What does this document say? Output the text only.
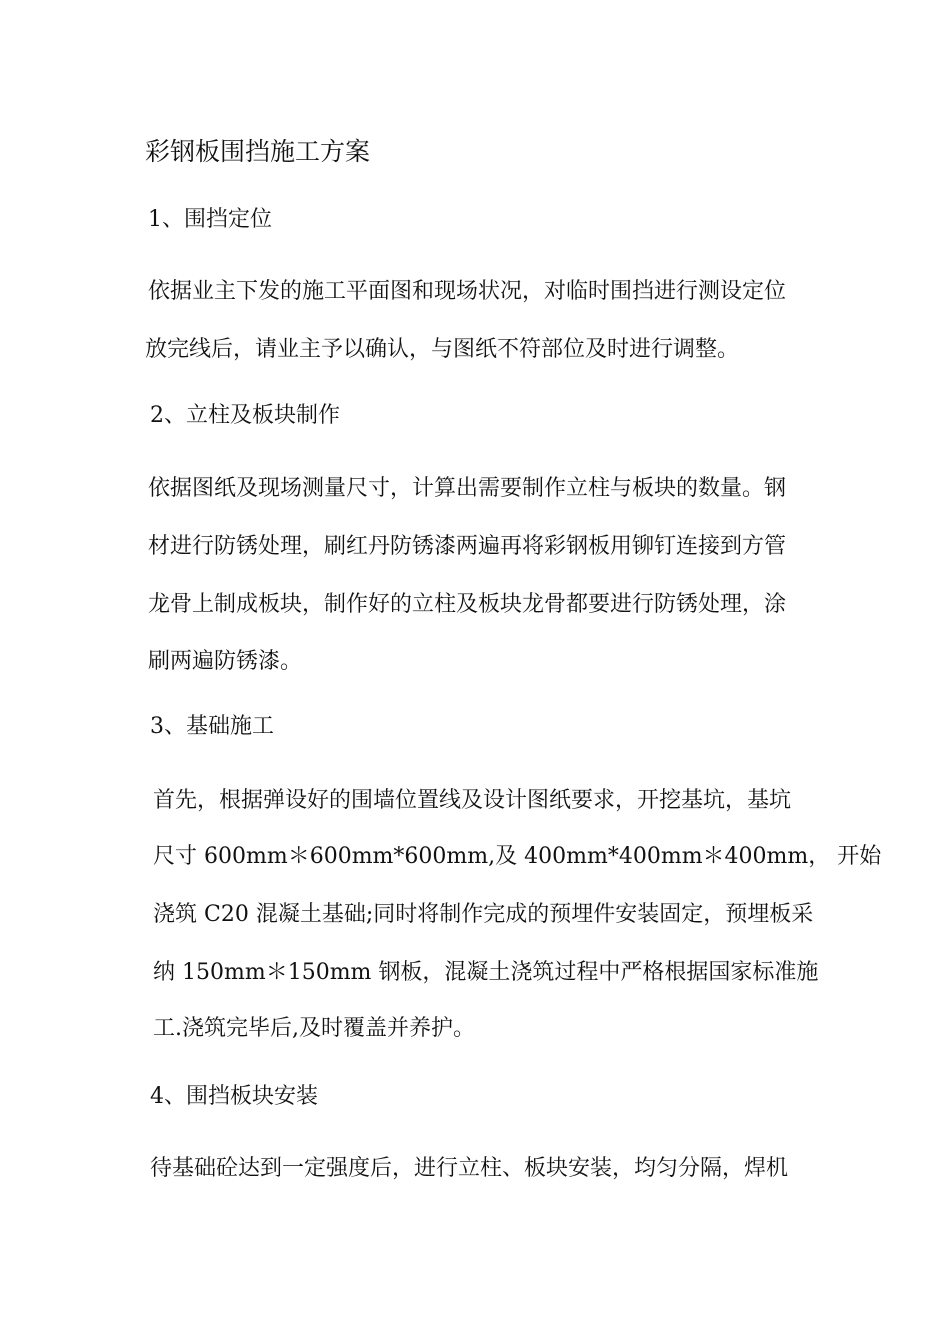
彩钢板围挡施工方案
1、围挡定位
依据业主下发的施工平面图和现场状况，对临时围挡进行测设定位
放完线后，请业主予以确认，与图纸不符部位及时进行调整。
2、立柱及板块制作
依据图纸及现场测量尺寸，计算出需要制作立柱与板块的数量。钢
材进行防锈处理，刷红丹防锈漆两遍再将彩钢板用铆钉连接到方管
龙骨上制成板块，制作好的立柱及板块龙骨都要进行防锈处理，涂
刷两遍防锈漆。
3、基础施工
首先，根据弹设好的围墙位置线及设计图纸要求，开挖基坑，基坑
尺寸 600mm＊600mm*600mm,及 400mm*400mm＊400mm， 开始
浇筑 C20 混凝土基础;同时将制作完成的预埋件安装固定，预埋板采
纳 150mm＊150mm 钢板，混凝土浇筑过程中严格根据国家标准施
工.浇筑完毕后,及时覆盖并养护。
4、围挡板块安装
待基础砼达到一定强度后，进行立柱、板块安装，均匀分隔，焊机
